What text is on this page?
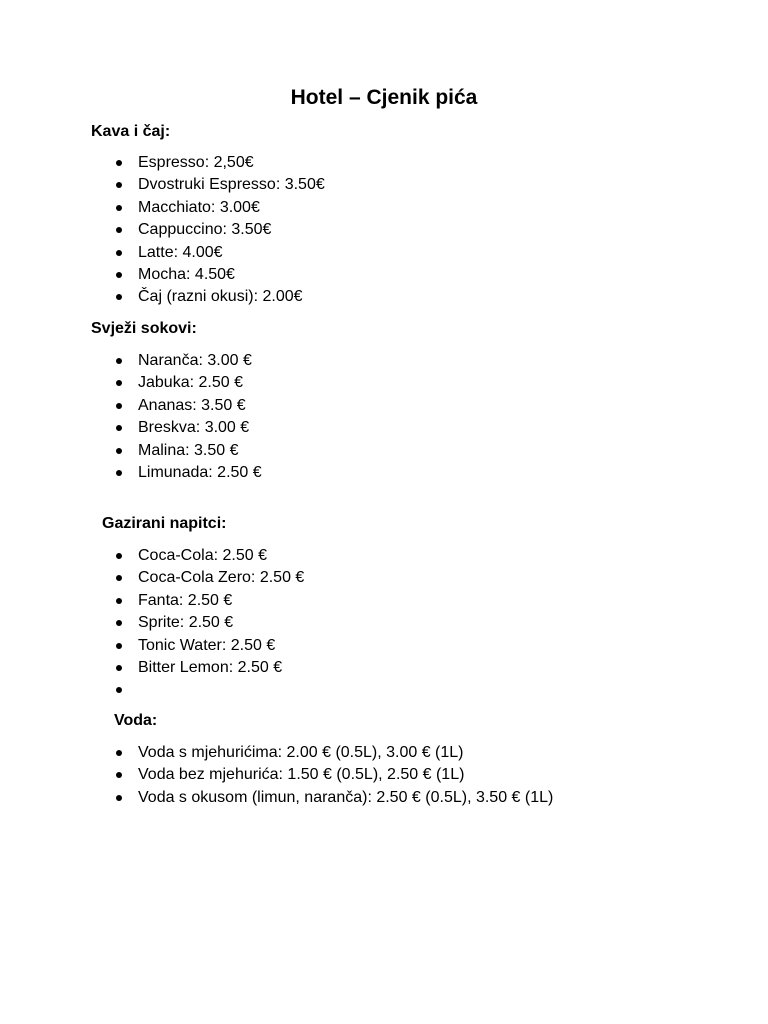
Hotel – Cjenik pića
Kava i čaj:
Espresso: 2,50€
Dvostruki Espresso: 3.50€
Macchiato: 3.00€
Cappuccino: 3.50€
Latte: 4.00€
Mocha: 4.50€
Čaj (razni okusi): 2.00€
Svježi sokovi:
Naranča: 3.00 €
Jabuka: 2.50 €
Ananas: 3.50 €
Breskva: 3.00 €
Malina: 3.50 €
Limunada: 2.50 €
Gazirani napitci:
Coca-Cola: 2.50 €
Coca-Cola Zero: 2.50 €
Fanta: 2.50 €
Sprite: 2.50 €
Tonic Water: 2.50 €
Bitter Lemon: 2.50 €
Voda:
Voda s mjehurićima: 2.00 € (0.5L), 3.00 € (1L)
Voda bez mjehurića: 1.50 € (0.5L), 2.50 € (1L)
Voda s okusom (limun, naranča): 2.50 € (0.5L), 3.50 € (1L)
